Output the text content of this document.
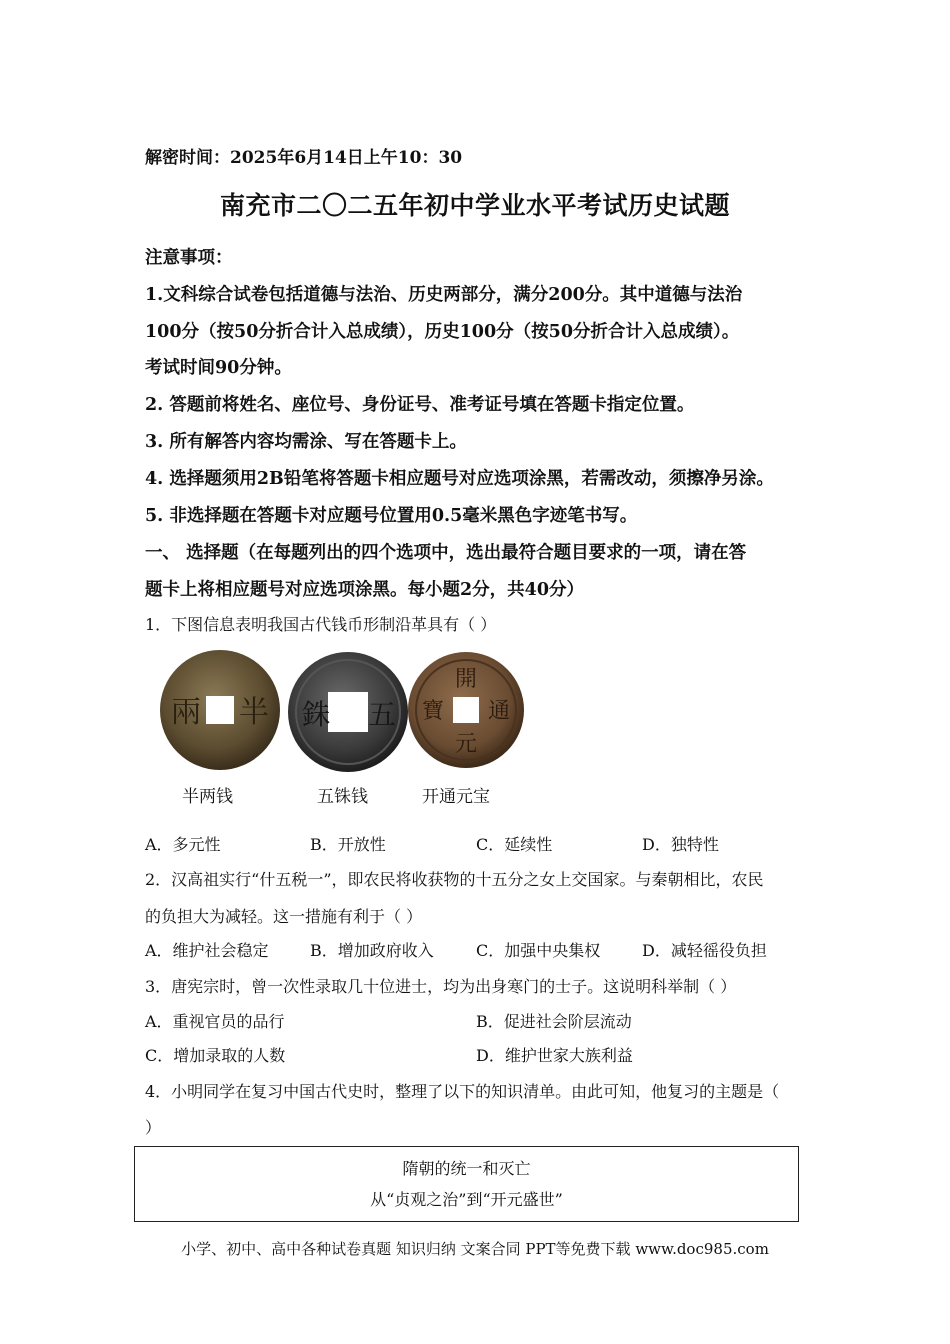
解密时间：2025年6月14日上午10：30
南充市二〇二五年初中学业水平考试历史试题
注意事项：
1.文科综合试卷包括道德与法治、历史两部分，满分200分。其中道德与法治
100分（按50分折合计入总成绩），历史100分（按50分折合计入总成绩）。
考试时间90分钟。
2. 答题前将姓名、座位号、身份证号、准考证号填在答题卡指定位置。
3. 所有解答内容均需涂、写在答题卡上。
4. 选择题须用2B铅笔将答题卡相应题号对应选项涂黑，若需改动，须擦净另涂。
5. 非选择题在答题卡对应题号位置用0.5毫米黑色字迹笔书写。
一、 选择题（在每题列出的四个选项中，选出最符合题目要求的一项，请在答
题卡上将相应题号对应选项涂黑。每小题2分，共40分）
1．下图信息表明我国古代钱币形制沿革具有（ ）
兩 半 銖 五
開
元
寶 通
半两钱	五铢钱	开通元宝
A．多元性	B．开放性	C．延续性	D．独特性
2．汉高祖实行“什五税一”，即农民将收获物的十五分之女上交国家。与秦朝相比，农民
的负担大为减轻。这一措施有利于（ ）
A．维护社会稳定	B．增加政府收入	C．加强中央集权	D．减轻徭役负担
3．唐宪宗时，曾一次性录取几十位进士，均为出身寒门的士子。这说明科举制（ ）
A．重视官员的品行	B．促进社会阶层流动
C．增加录取的人数	D．维护世家大族利益
4．小明同学在复习中国古代史时，整理了以下的知识清单。由此可知，他复习的主题是（
）
隋朝的统一和灭亡
从“贞观之治”到“开元盛世”
小学、初中、高中各种试卷真题 知识归纳 文案合同 PPT等免费下载 www.doc985.com
